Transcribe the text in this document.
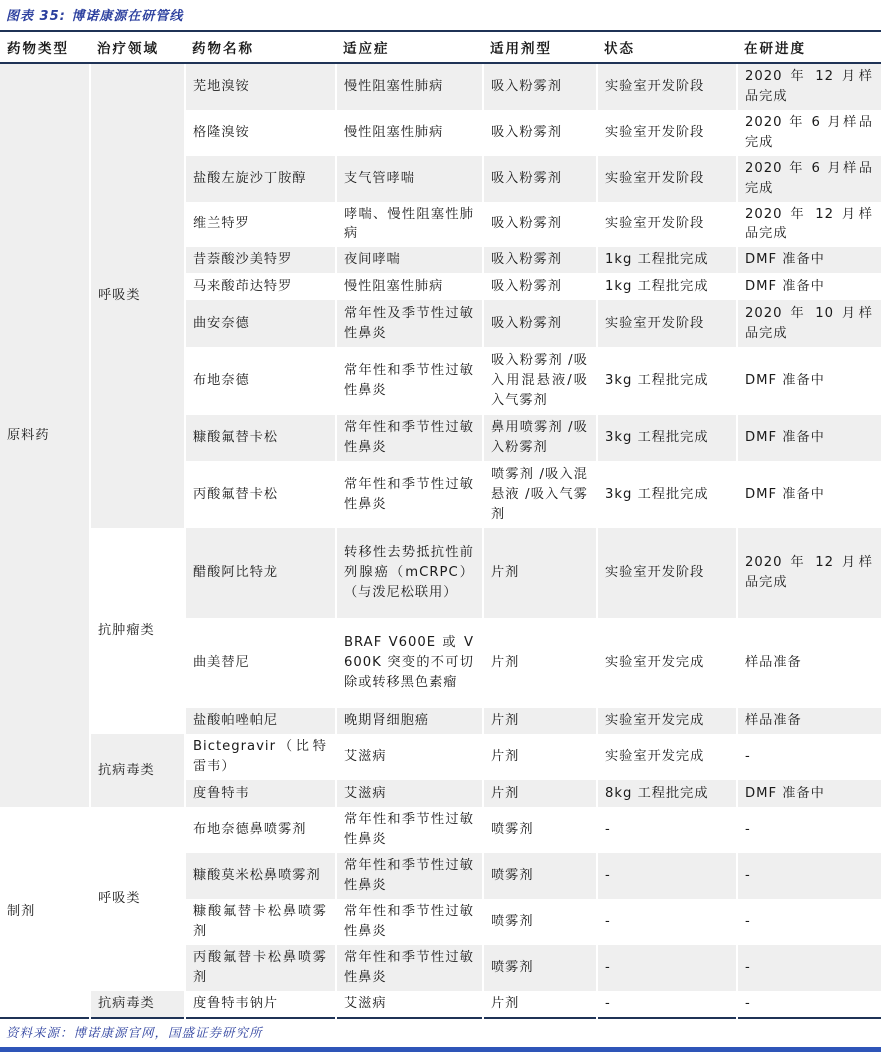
图表 35: 博诺康源在研管线
药物类型	治疗领域	药物名称	适应症	适用剂型	状态	在研进度
原料药	呼吸类	芜地溴铵	慢性阻塞性肺病	吸入粉雾剂	实验室开发阶段	2020 年 12 月样品完成
		格隆溴铵	慢性阻塞性肺病	吸入粉雾剂	实验室开发阶段	2020 年 6 月样品完成
		盐酸左旋沙丁胺醇	支气管哮喘	吸入粉雾剂	实验室开发阶段	2020 年 6 月样品完成
		维兰特罗	哮喘、慢性阻塞性肺病	吸入粉雾剂	实验室开发阶段	2020 年 12 月样品完成
		昔萘酸沙美特罗	夜间哮喘	吸入粉雾剂	1kg 工程批完成	DMF 准备中
		马来酸茚达特罗	慢性阻塞性肺病	吸入粉雾剂	1kg 工程批完成	DMF 准备中
		曲安奈德	常年性及季节性过敏性鼻炎	吸入粉雾剂	实验室开发阶段	2020 年 10 月样品完成
		布地奈德	常年性和季节性过敏性鼻炎	吸入粉雾剂 /吸入用混悬液/吸入气雾剂	3kg 工程批完成	DMF 准备中
		糠酸氟替卡松	常年性和季节性过敏性鼻炎	鼻用喷雾剂 /吸入粉雾剂	3kg 工程批完成	DMF 准备中
		丙酸氟替卡松	常年性和季节性过敏性鼻炎	喷雾剂 /吸入混悬液 /吸入气雾剂	3kg 工程批完成	DMF 准备中
	抗肿瘤类	醋酸阿比特龙	转移性去势抵抗性前列腺癌（mCRPC）（与泼尼松联用）	片剂	实验室开发阶段	2020 年 12 月样品完成
		曲美替尼	BRAF V600E 或 V600K 突变的不可切除或转移黑色素瘤	片剂	实验室开发完成	样品准备
		盐酸帕唑帕尼	晚期肾细胞癌	片剂	实验室开发完成	样品准备
	抗病毒类	Bictegravir（比特雷韦）	艾滋病	片剂	实验室开发完成	-
		度鲁特韦	艾滋病	片剂	8kg 工程批完成	DMF 准备中
制剂	呼吸类	布地奈德鼻喷雾剂	常年性和季节性过敏性鼻炎	喷雾剂	-	-
		糠酸莫米松鼻喷雾剂	常年性和季节性过敏性鼻炎	喷雾剂	-	-
		糠酸氟替卡松鼻喷雾剂	常年性和季节性过敏性鼻炎	喷雾剂	-	-
		丙酸氟替卡松鼻喷雾剂	常年性和季节性过敏性鼻炎	喷雾剂	-	-
	抗病毒类	度鲁特韦钠片	艾滋病	片剂	-	-
资料来源：博诺康源官网，国盛证券研究所
